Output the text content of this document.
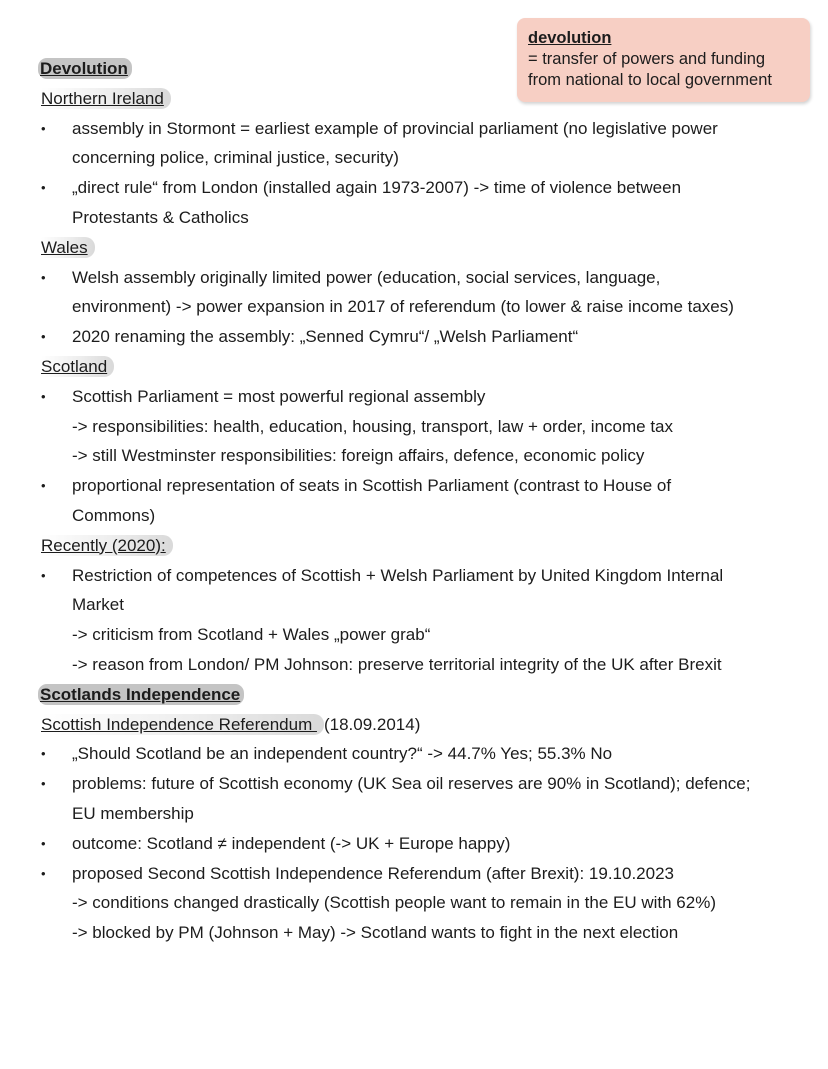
devolution
= transfer of powers and funding
from national to local government
Devolution
Northern Ireland
• assembly in Stormont = earliest example of provincial parliament (no legislative power
concerning police, criminal justice, security)
• „direct rule“ from London (installed again 1973-2007) -> time of violence between
Protestants & Catholics
Wales
• Welsh assembly originally limited power (education, social services, language,
environment) -> power expansion in 2017 of referendum (to lower & raise income taxes)
• 2020 renaming the assembly: „Senned Cymru“/ „Welsh Parliament“
Scotland
• Scottish Parliament = most powerful regional assembly
-> responsibilities: health, education, housing, transport, law + order, income tax
-> still Westminster responsibilities: foreign affairs, defence, economic policy
• proportional representation of seats in Scottish Parliament (contrast to House of
Commons)
Recently (2020):
• Restriction of competences of Scottish + Welsh Parliament by United Kingdom Internal
Market
-> criticism from Scotland + Wales „power grab“
-> reason from London/ PM Johnson: preserve territorial integrity of the UK after Brexit
Scotlands Independence
Scottish Independence Referendum (18.09.2014)
• „Should Scotland be an independent country?“ -> 44.7% Yes; 55.3% No
• problems: future of Scottish economy (UK Sea oil reserves are 90% in Scotland); defence;
EU membership
• outcome: Scotland ≠ independent (-> UK + Europe happy)
• proposed Second Scottish Independence Referendum (after Brexit): 19.10.2023
-> conditions changed drastically (Scottish people want to remain in the EU with 62%)
-> blocked by PM (Johnson + May) -> Scotland wants to fight in the next election
